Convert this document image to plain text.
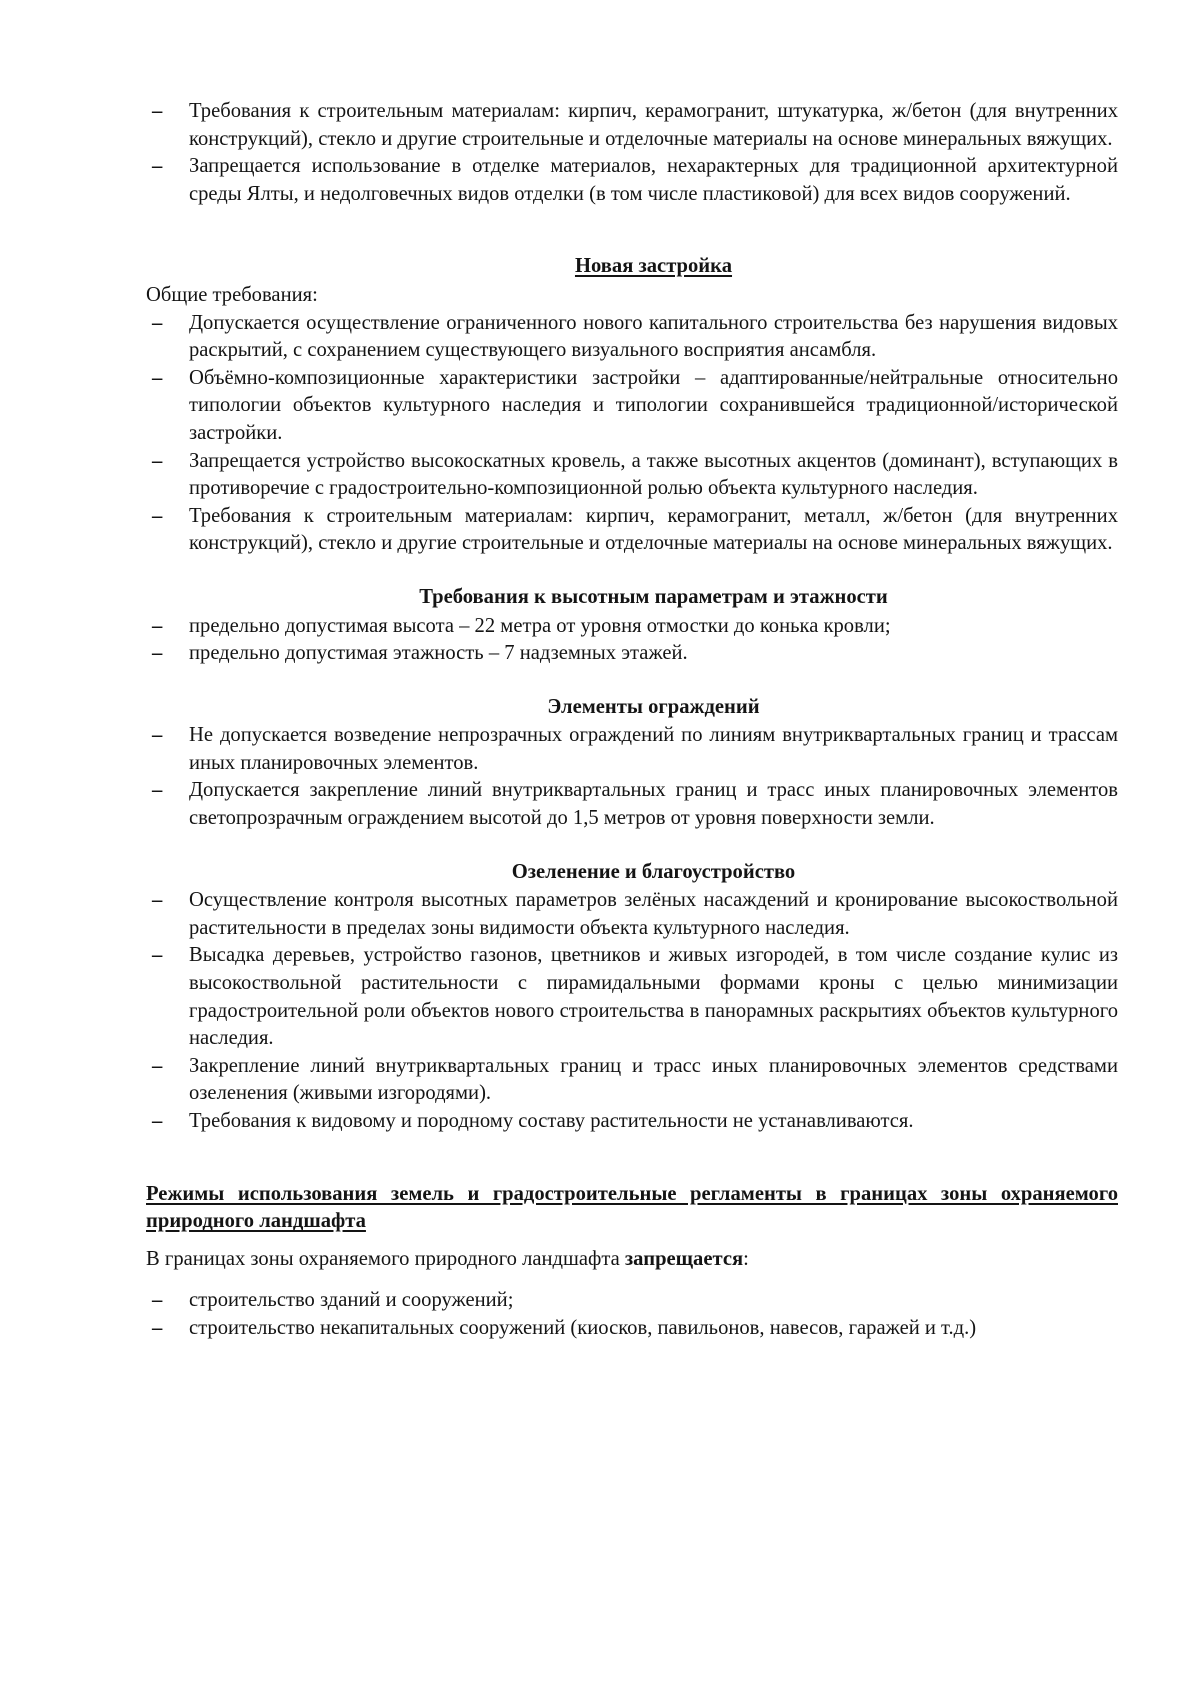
– Требования к строительным материалам: кирпич, керамогранит, штукатурка, ж/бетон (для внутренних конструкций), стекло и другие строительные и отделочные материалы на основе минеральных вяжущих.
– Запрещается использование в отделке материалов, нехарактерных для традиционной архитектурной среды Ялты, и недолговечных видов отделки (в том числе пластиковой) для всех видов сооружений.
Новая застройка

Общие требования:

– Допускается осуществление ограниченного нового капитального строительства без нарушения видовых раскрытий, с сохранением существующего визуального восприятия ансамбля.
– Объёмно-композиционные характеристики застройки – адаптированные/нейтральные относительно типологии объектов культурного наследия и типологии сохранившейся традиционной/исторической застройки.
– Запрещается устройство высокоскатных кровель, а также высотных акцентов (доминант), вступающих в противоречие с градостроительно-композиционной ролью объекта культурного наследия.
– Требования к строительным материалам: кирпич, керамогранит, металл, ж/бетон (для внутренних конструкций), стекло и другие строительные и отделочные материалы на основе минеральных вяжущих.
Требования к высотным параметрам и этажности
– предельно допустимая высота – 22 метра от уровня отмостки до конька кровли;
– предельно допустимая этажность – 7 надземных этажей.
Элементы ограждений
– Не допускается возведение непрозрачных ограждений по линиям внутриквартальных границ и трассам иных планировочных элементов.
– Допускается закрепление линий внутриквартальных границ и трасс иных планировочных элементов светопрозрачным ограждением высотой до 1,5 метров от уровня поверхности земли.
Озеленение и благоустройство
– Осуществление контроля высотных параметров зелёных насаждений и кронирование высокоствольной растительности в пределах зоны видимости объекта культурного наследия.
– Высадка деревьев, устройство газонов, цветников и живых изгородей, в том числе создание кулис из высокоствольной растительности с пирамидальными формами кроны с целью минимизации градостроительной роли объектов нового строительства в панорамных раскрытиях объектов культурного наследия.
– Закрепление линий внутриквартальных границ и трасс иных планировочных элементов средствами озеленения (живыми изгородями).
– Требования к видовому и породному составу растительности не устанавливаются.

Режимы использования земель и градостроительные регламенты в границах зоны охраняемого природного ландшафта

В границах зоны охраняемого природного ландшафта запрещается:

– строительство зданий и сооружений;
– строительство некапитальных сооружений (киосков, павильонов, навесов, гаражей и т.д.)
